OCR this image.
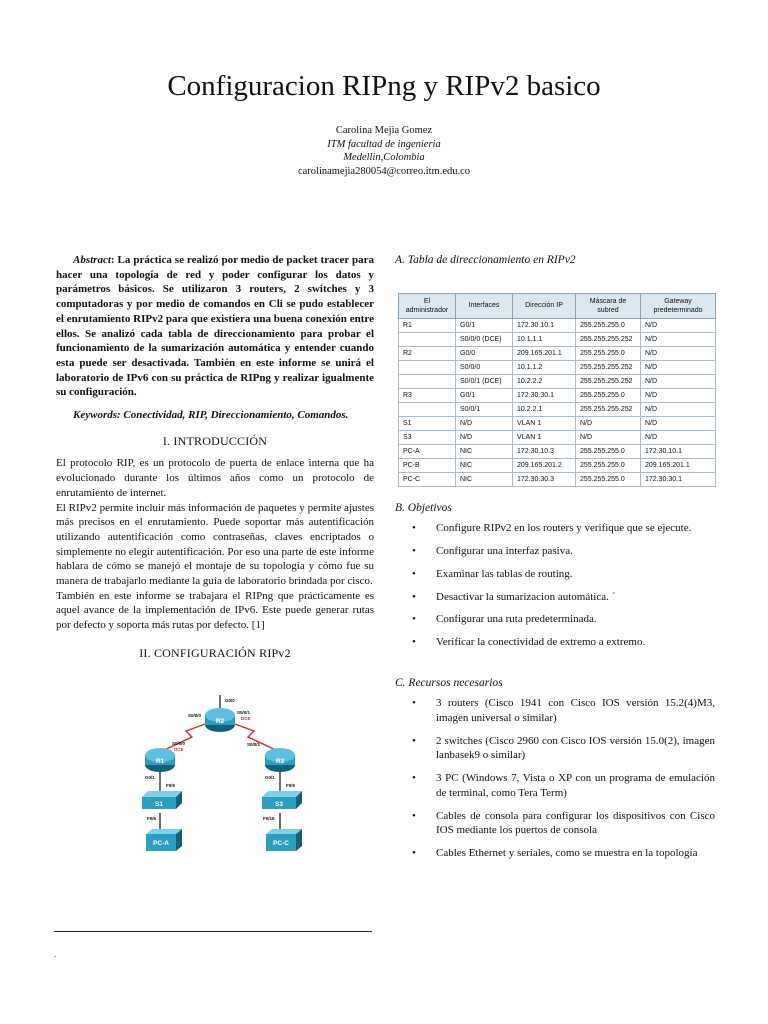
Configuracion RIPng y RIPv2 basico
Carolina Mejia Gomez
ITM facultad de ingenieria
Medellin,Colombia
carolinamejia280054@correo.itm.edu.co

Abstract: La práctica se realizó por medio de packet tracer para hacer una topología de red y poder configurar los datos y parámetros básicos. Se utilizaron 3 routers, 2 switches y 3 computadoras y por medio de comandos en Cli se pudo establecer el enrutamiento RIPv2 para que existiera una buena conexión entre ellos. Se analizó cada tabla de direccionamiento para probar el funcionamiento de la sumarización automática y entender cuando esta puede ser desactivada. También en este informe se unirá el laboratorio de IPv6 con su práctica de RIPng y realizar igualmente su configuración.

Keywords: Conectividad, RIP, Direccionamiento, Comandos.

I. INTRODUCCIÓN

El protocolo RIP, es un protocolo de puerta de enlace interna que ha evolucionado durante los últimos años como un protocolo de enrutamiento de internet.

El RIPv2 permite incluir más información de paquetes y permite ajustes más precisos en el enrutamiento. Puede soportar más autentificación utilizando autentificación como contraseñas, claves encriptados o simplemente no elegir autentificación. Por eso una parte de este informe hablara de cómo se manejó el montaje de su topología y cómo fue su manera de trabajarlo mediante la guía de laboratorio brindada por cisco.

También en este informe se trabajara el RIPng que prácticamente es aquel avance de la implementación de IPv6. Este puede generar rutas por defecto y soporta más rutas por defecto. [1]

II. CONFIGURACIÓN RIPv2
R2
R1	R3
S1	S3
PC-A	PC-C
G0/0
S0/0/0
S0/0/1
DCE
S0/0/0
DCE
G0/1
F0/5
F0/6
S0/0/1
G0/1
F0/5
F0/18

A. Tabla de direccionamiento en RIPv2

El administrador	Interfaces	Dirección IP	Máscara de subred	Gateway predeterminado
R1	G0/1	172.30.10.1	255.255.255.0	N/D
	S0/0/0 (DCE)	10.1.1.1	255.255.255.252	N/D
R2	G0/0	209.165.201.1	255.255.255.0	N/D
	S0/0/0	10.1.1.2	255.255.255.252	N/D
	S0/0/1 (DCE)	10.2.2.2	255.255.255.252	N/D
R3	G0/1	172.30.30.1	255.255.255.0	N/D
	S0/0/1	10.2.2.1	255.255.255.252	N/D
S1	N/D	VLAN 1	N/D	N/D
S3	N/D	VLAN 1	N/D	N/D
PC-A	NIC	172.30.10.3	255.255.255.0	172.30.10.1
PC-B	NIC	209.165.201.2	255.255.255.0	209.165.201.1
PC-C	NIC	172.30.30.3	255.255.255.0	172.30.30.1

B. Objetivos

• Configure RIPv2 en los routers y verifique que se ejecute.
• Configurar una interfaz pasiva.
• Examinar las tablas de routing.
• Desactivar la sumarizacion automática. ´
• Configurar una ruta predeterminada.
• Verificar la conectividad de extremo a extremo.

C. Recursos necesarios

• 3 routers (Cisco 1941 con Cisco IOS versión 15.2(4)M3, imagen universal o similar)
• 2 switches (Cisco 2960 con Cisco IOS versión 15.0(2), imagen lanbasek9 o similar)
• 3 PC (Windows 7, Vista o XP con un programa de emulación de terminal, como Tera Term)
• Cables de consola para configurar los dispositivos con Cisco IOS mediante los puertos de consola
• Cables Ethernet y seriales, como se muestra en la topología
.
